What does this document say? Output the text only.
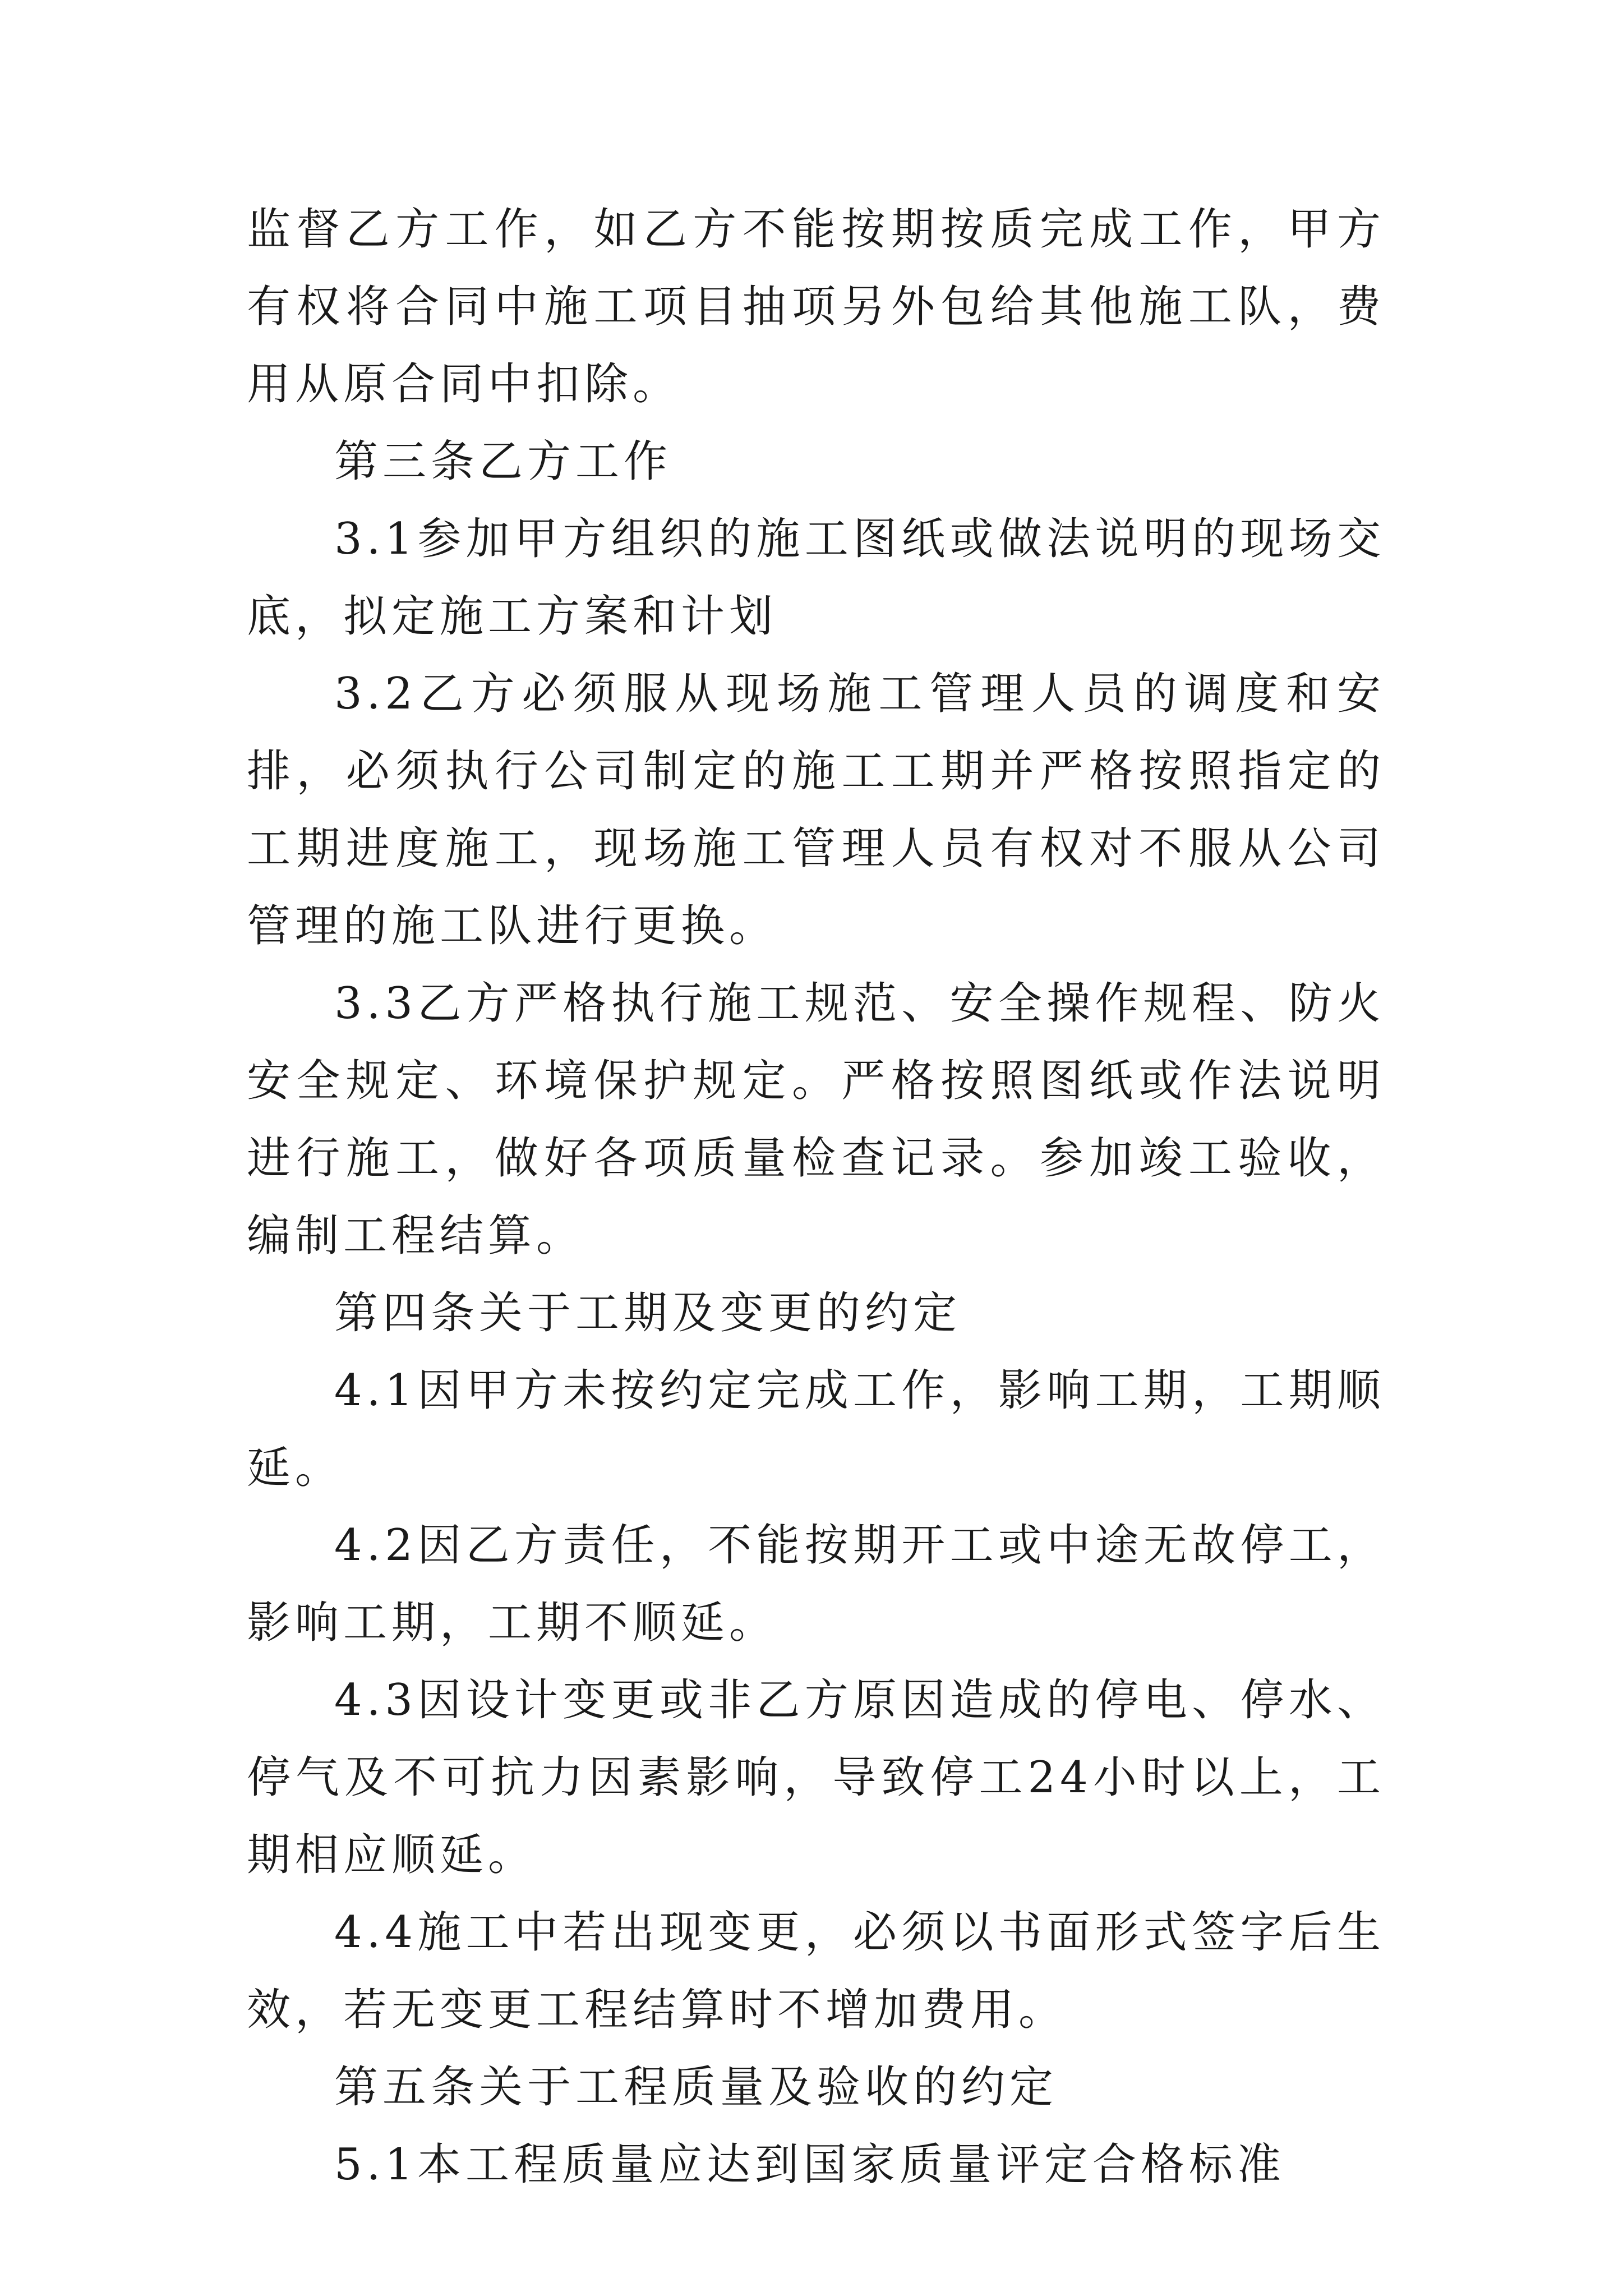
监督乙方工作，如乙方不能按期按质完成工作，甲方有权将合同中施工项目抽项另外包给其他施工队，费用从原合同中扣除。

第三条乙方工作

3.1参加甲方组织的施工图纸或做法说明的现场交底，拟定施工方案和计划

3.2乙方必须服从现场施工管理人员的调度和安排，必须执行公司制定的施工工期并严格按照指定的工期进度施工，现场施工管理人员有权对不服从公司管理的施工队进行更换。

3.3乙方严格执行施工规范、安全操作规程、防火安全规定、环境保护规定。严格按照图纸或作法说明进行施工，做好各项质量检查记录。参加竣工验收，编制工程结算。

第四条关于工期及变更的约定

4.1因甲方未按约定完成工作，影响工期，工期顺延。

4.2因乙方责任，不能按期开工或中途无故停工，影响工期，工期不顺延。

4.3因设计变更或非乙方原因造成的停电、停水、停气及不可抗力因素影响，导致停工24小时以上，工期相应顺延。

4.4施工中若出现变更，必须以书面形式签字后生效，若无变更工程结算时不增加费用。

第五条关于工程质量及验收的约定

5.1本工程质量应达到国家质量评定合格标准
